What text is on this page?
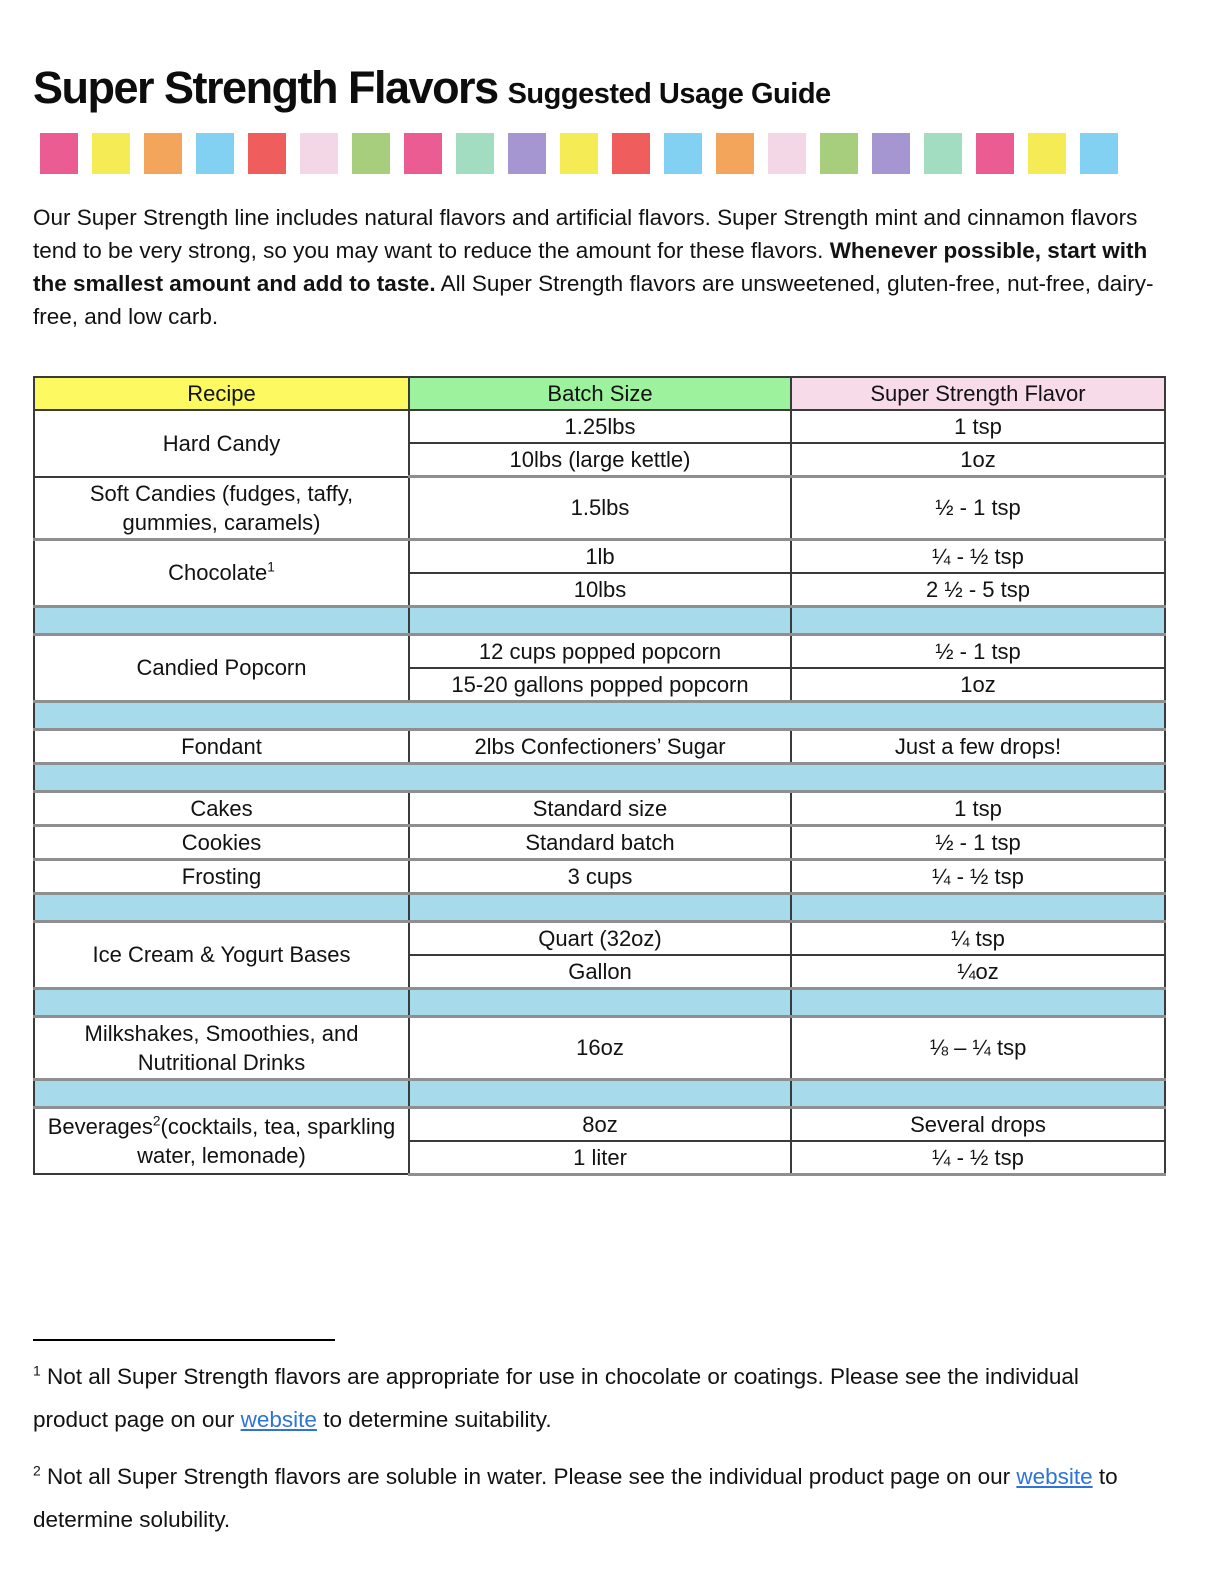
Super Strength Flavors Suggested Usage Guide

Our Super Strength line includes natural flavors and artificial flavors. Super Strength mint and cinnamon flavors tend to be very strong, so you may want to reduce the amount for these flavors. Whenever possible, start with the smallest amount and add to taste. All Super Strength flavors are unsweetened, gluten-free, nut-free, dairy-free, and low carb.

Recipe	Batch Size	Super Strength Flavor
Hard Candy	1.25lbs	1 tsp
	10lbs (large kettle)	1oz
Soft Candies (fudges, taffy, gummies, caramels)	1.5lbs	½ - 1 tsp
Chocolate$^1$	1lb	¼ - ½ tsp
	10lbs	2 ½ - 5 tsp

Candied Popcorn	12 cups popped popcorn	½ - 1 tsp
	15-20 gallons popped popcorn	1oz

Fondant	2lbs Confectioners’ Sugar	Just a few drops!

Cakes	Standard size	1 tsp
Cookies	Standard batch	½ - 1 tsp
Frosting	3 cups	¼ - ½ tsp

Ice Cream & Yogurt Bases	Quart (32oz)	¼ tsp
	Gallon	¼oz

Milkshakes, Smoothies, and Nutritional Drinks	16oz	⅛ – ¼ tsp

Beverages$^2$(cocktails, tea, sparkling water, lemonade)	8oz	Several drops
	1 liter	¼ - ½ tsp

$^1$ Not all Super Strength flavors are appropriate for use in chocolate or coatings. Please see the individual product page on our website to determine suitability.

$^2$ Not all Super Strength flavors are soluble in water. Please see the individual product page on our website to determine solubility.
